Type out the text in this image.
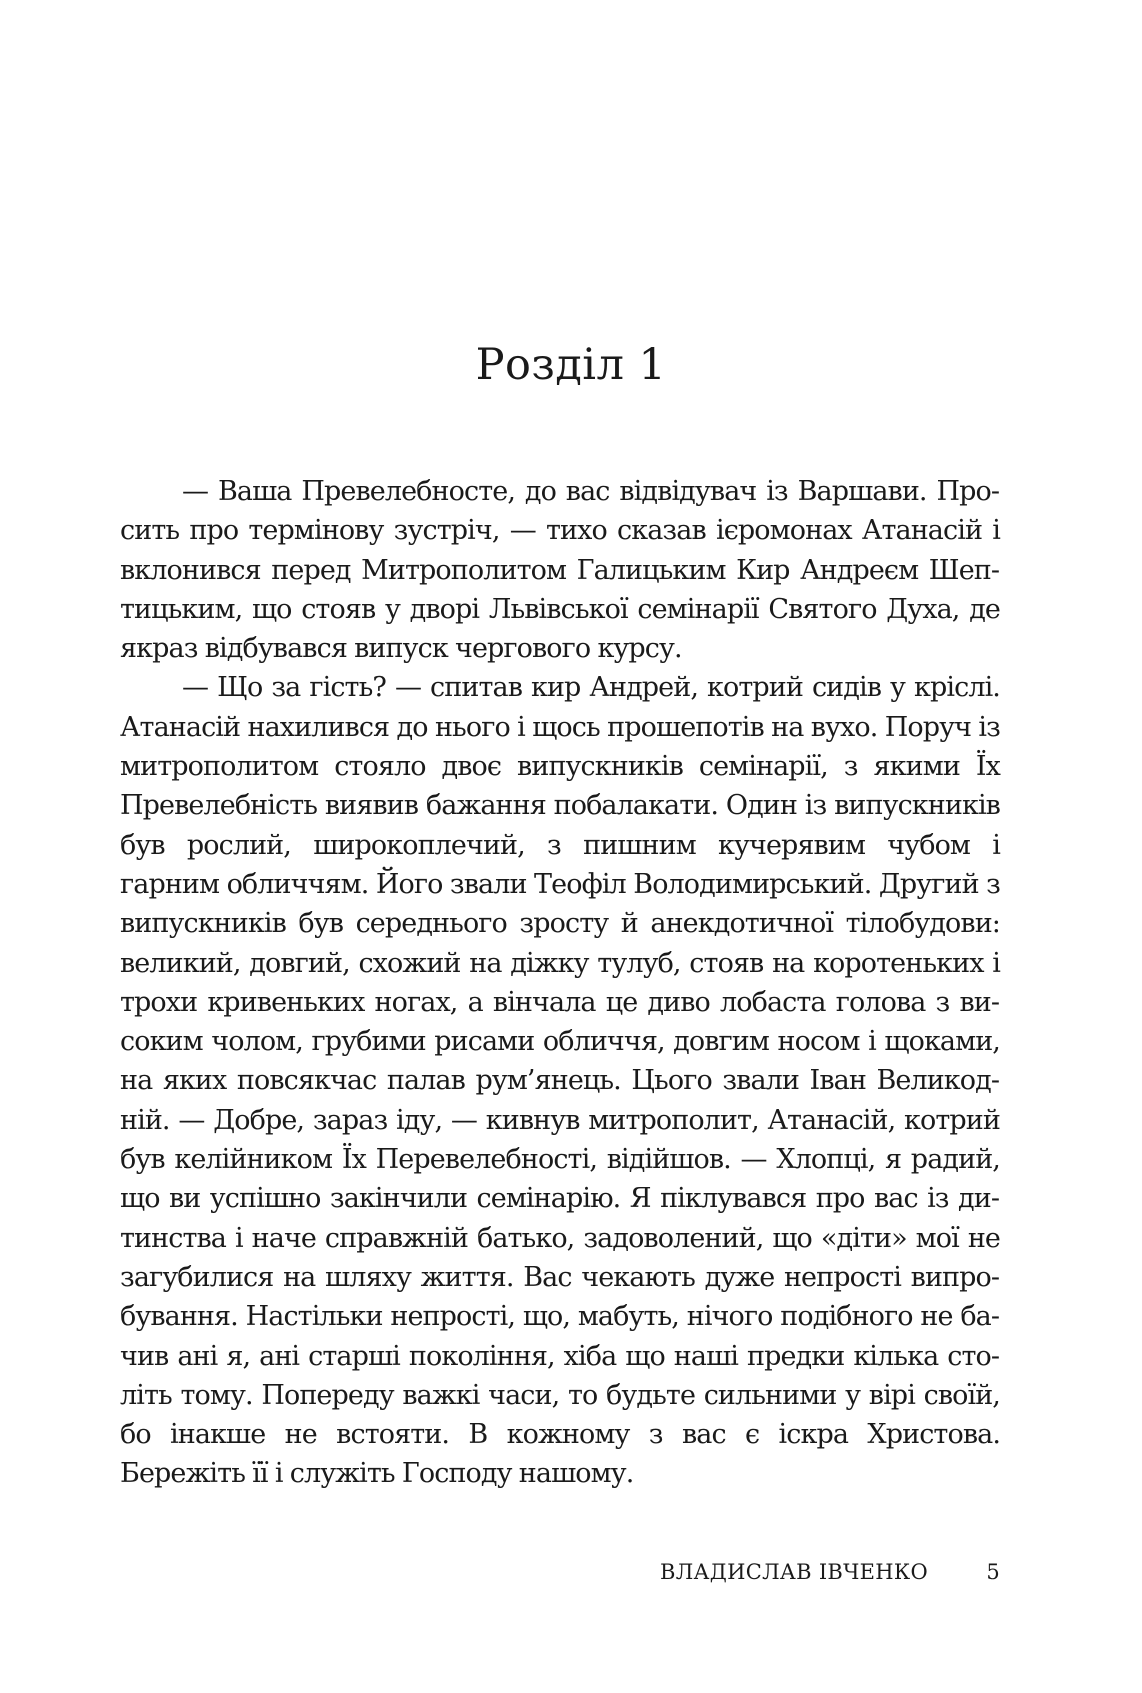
Розділ 1

— Ваша Превелебносте, до вас відвідувач із Варшави. Просить про термінову зустріч, — тихо сказав ієромонах Атанасій і вклонився перед Митрополитом Галицьким Кир Андреєм Шептицьким, що стояв у дворі Львівської семінарії Святого Духа, де якраз відбувався випуск чергового курсу.

— Що за гість? — спитав кир Андрей, котрий сидів у кріслі. Атанасій нахилився до нього і щось прошепотів на вухо. Поруч із митрополитом стояло двоє випускників семінарії, з якими Їх Превелебність виявив бажання побалакати. Один із випускників був рослий, широкоплечий, з пишним кучерявим чубом і гарним обличчям. Його звали Теофіл Володимирський. Другий з випускників був середнього зросту й анекдотичної тілобудови: великий, довгий, схожий на діжку тулуб, стояв на коротеньких і трохи кривеньких ногах, а вінчала це диво лобаста голова з високим чолом, грубими рисами обличчя, довгим носом і щоками, на яких повсякчас палав рум’янець. Цього звали Іван Великодній. — Добре, зараз іду, — кивнув митрополит, Атанасій, котрий був келійником Їх Перевелебності, відійшов. — Хлопці, я радий, що ви успішно закінчили семінарію. Я піклувався про вас із дитинства і наче справжній батько, задоволений, що «діти» мої не загубилися на шляху життя. Вас чекають дуже непрості випробування. Настільки непрості, що, мабуть, нічого подібного не бачив ані я, ані старші покоління, хіба що наші предки кілька століть тому. Попереду важкі часи, то будьте сильними у вірі своїй, бо інакше не встояти. В кожному з вас є іскра Христова. Бережіть її і служіть Господу нашому.

ВЛАДИСЛАВ ІВЧЕНКО	5
